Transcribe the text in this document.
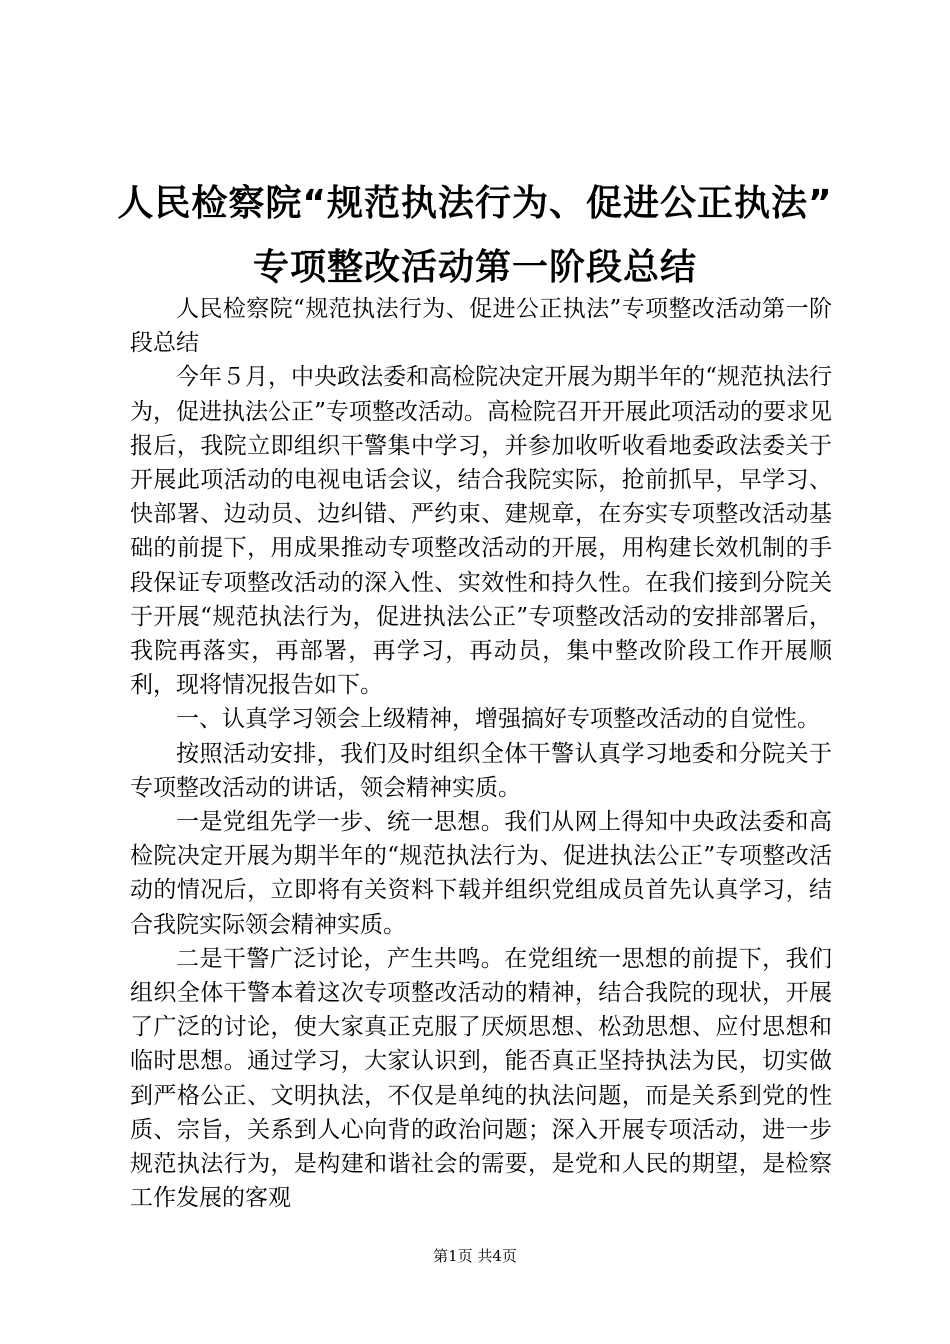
人民检察院“规范执法行为、促进公正执法”
专项整改活动第一阶段总结

人民检察院“规范执法行为、促进公正执法”专项整改活动第一阶段总结

今年５月，中央政法委和高检院决定开展为期半年的“规范执法行为，促进执法公正”专项整改活动。高检院召开开展此项活动的要求见报后，我院立即组织干警集中学习，并参加收听收看地委政法委关于开展此项活动的电视电话会议，结合我院实际，抢前抓早，早学习、快部署、边动员、边纠错、严约束、建规章，在夯实专项整改活动基础的前提下，用成果推动专项整改活动的开展，用构建长效机制的手段保证专项整改活动的深入性、实效性和持久性。在我们接到分院关于开展“规范执法行为，促进执法公正”专项整改活动的安排部署后，我院再落实，再部署，再学习，再动员，集中整改阶段工作开展顺利，现将情况报告如下。

一、认真学习领会上级精神，增强搞好专项整改活动的自觉性。

按照活动安排，我们及时组织全体干警认真学习地委和分院关于专项整改活动的讲话，领会精神实质。

一是党组先学一步、统一思想。我们从网上得知中央政法委和高检院决定开展为期半年的“规范执法行为、促进执法公正”专项整改活动的情况后，立即将有关资料下载并组织党组成员首先认真学习，结合我院实际领会精神实质。

二是干警广泛讨论，产生共鸣。在党组统一思想的前提下，我们组织全体干警本着这次专项整改活动的精神，结合我院的现状，开展了广泛的讨论，使大家真正克服了厌烦思想、松劲思想、应付思想和临时思想。通过学习，大家认识到，能否真正坚持执法为民，切实做到严格公正、文明执法，不仅是单纯的执法问题，而是关系到党的性质、宗旨，关系到人心向背的政治问题；深入开展专项活动，进一步规范执法行为，是构建和谐社会的需要，是党和人民的期望，是检察工作发展的客观

第1页 共4页
